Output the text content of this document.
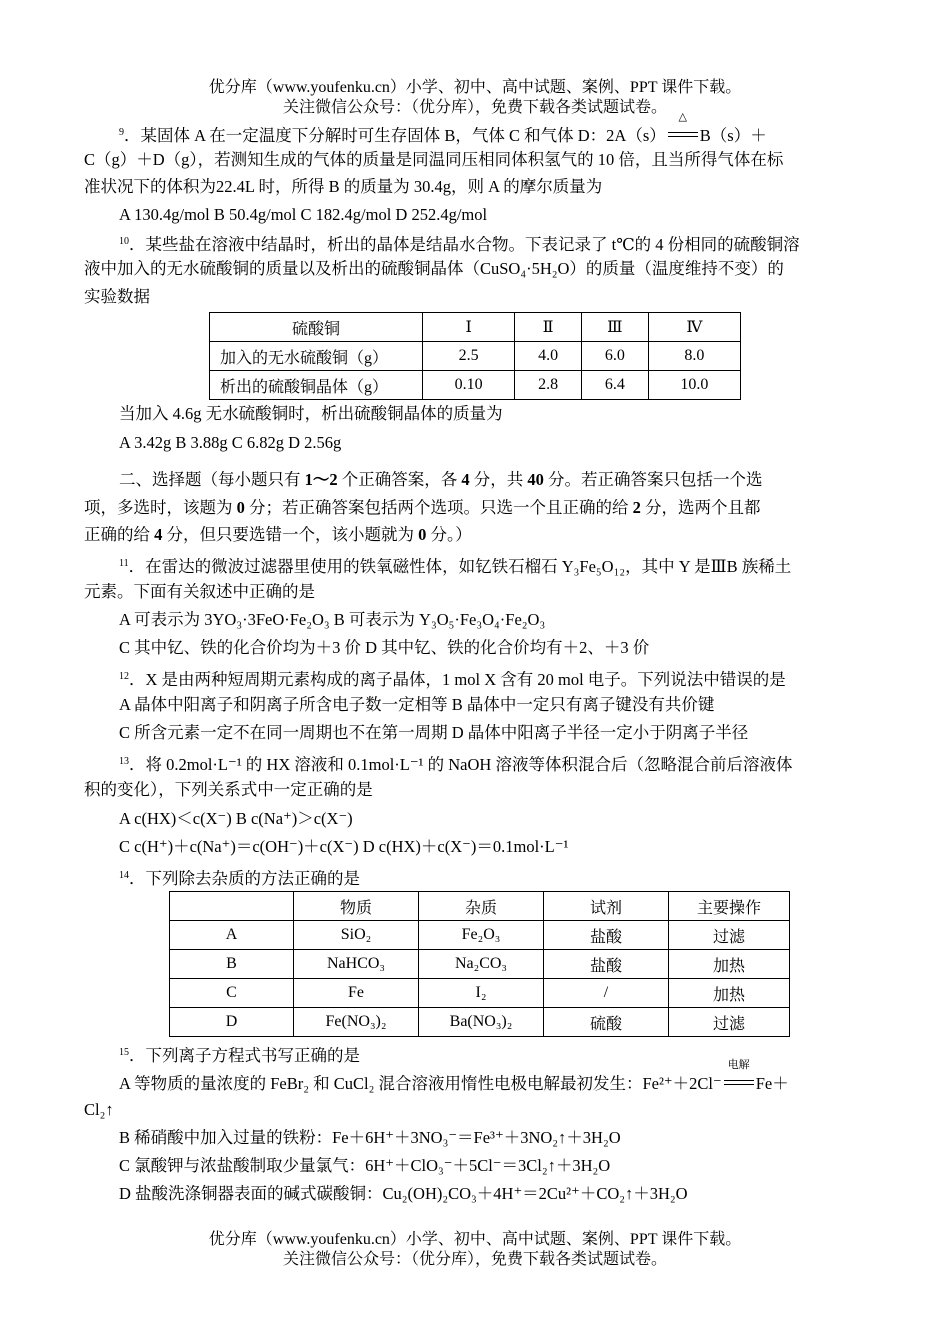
优分库（www.youfenku.cn）小学、初中、高中试题、案例、PPT 课件下载。
关注微信公众号：（优分库），免费下载各类试题试卷。
$^9$．某固体 A 在一定温度下分解时可生存固体 B，气体 C 和气体 D：2A（s）
△
B（s）＋
C（g）＋D（g），若测知生成的气体的质量是同温同压相同体积氢气的 10 倍，且当所得气体在标
准状况下的体积为22.4L 时，所得 B 的质量为 30.4g，则 A 的摩尔质量为
A 130.4g/mol B 50.4g/mol C 182.4g/mol D 252.4g/mol
$^{10}$．某些盐在溶液中结晶时，析出的晶体是结晶水合物。下表记录了 t℃的 4 份相同的硫酸铜溶
液中加入的无水硫酸铜的质量以及析出的硫酸铜晶体（CuSO₄·5H₂O）的质量（温度维持不变）的
实验数据
硫酸铜	Ⅰ	Ⅱ	Ⅲ	Ⅳ
加入的无水硫酸铜（g）	2.5	4.0	6.0	8.0
析出的硫酸铜晶体（g）	0.10	2.8	6.4	10.0
当加入 4.6g 无水硫酸铜时，析出硫酸铜晶体的质量为
A 3.42g B 3.88g C 6.82g D 2.56g
二、选择题（每小题只有 1～2 个正确答案，各 4 分，共 40 分。若正确答案只包括一个选
项，多选时，该题为 0 分；若正确答案包括两个选项。只选一个且正确的给 2 分，选两个且都
正确的给 4 分，但只要选错一个，该小题就为 0 分。）
$^{11}$．在雷达的微波过滤器里使用的铁氧磁性体，如钇铁石榴石 Y₃Fe₅O₁₂，其中 Y 是ⅢB 族稀土
元素。下面有关叙述中正确的是
A 可表示为 3YO₃·3FeO·Fe₂O₃ B 可表示为 Y₃O₅·Fe₃O₄·Fe₂O₃
C 其中钇、铁的化合价均为＋3 价 D 其中钇、铁的化合价均有＋2、＋3 价
$^{12}$．X 是由两种短周期元素构成的离子晶体，1 mol X 含有 20 mol 电子。下列说法中错误的是
A 晶体中阳离子和阴离子所含电子数一定相等 B 晶体中一定只有离子键没有共价键
C 所含元素一定不在同一周期也不在第一周期 D 晶体中阳离子半径一定小于阴离子半径
$^{13}$．将 0.2mol·L⁻¹ 的 HX 溶液和 0.1mol·L⁻¹ 的 NaOH 溶液等体积混合后（忽略混合前后溶液体
积的变化），下列关系式中一定正确的是
A c(HX)＜c(X⁻) B c(Na⁺)＞c(X⁻)
C c(H⁺)＋c(Na⁺)＝c(OH⁻)＋c(X⁻) D c(HX)＋c(X⁻)＝0.1mol·L⁻¹
$^{14}$．下列除去杂质的方法正确的是
	物质	杂质	试剂	主要操作
A	SiO₂	Fe₂O₃	盐酸	过滤
B	NaHCO₃	Na₂CO₃	盐酸	加热
C	Fe	I₂	/	加热
D	Fe(NO₃)₂	Ba(NO₃)₂	硫酸	过滤
$^{15}$．下列离子方程式书写正确的是
A 等物质的量浓度的 FeBr₂ 和 CuCl₂ 混合溶液用惰性电极电解最初发生：Fe²⁺＋2Cl⁻
电解
Fe＋
Cl₂↑
B 稀硝酸中加入过量的铁粉：Fe＋6H⁺＋3NO₃⁻＝Fe³⁺＋3NO₂↑＋3H₂O
C 氯酸钾与浓盐酸制取少量氯气：6H⁺＋ClO₃⁻＋5Cl⁻＝3Cl₂↑＋3H₂O
D 盐酸洗涤铜器表面的碱式碳酸铜：Cu₂(OH)₂CO₃＋4H⁺＝2Cu²⁺＋CO₂↑＋3H₂O
优分库（www.youfenku.cn）小学、初中、高中试题、案例、PPT 课件下载。
关注微信公众号：（优分库），免费下载各类试题试卷。
